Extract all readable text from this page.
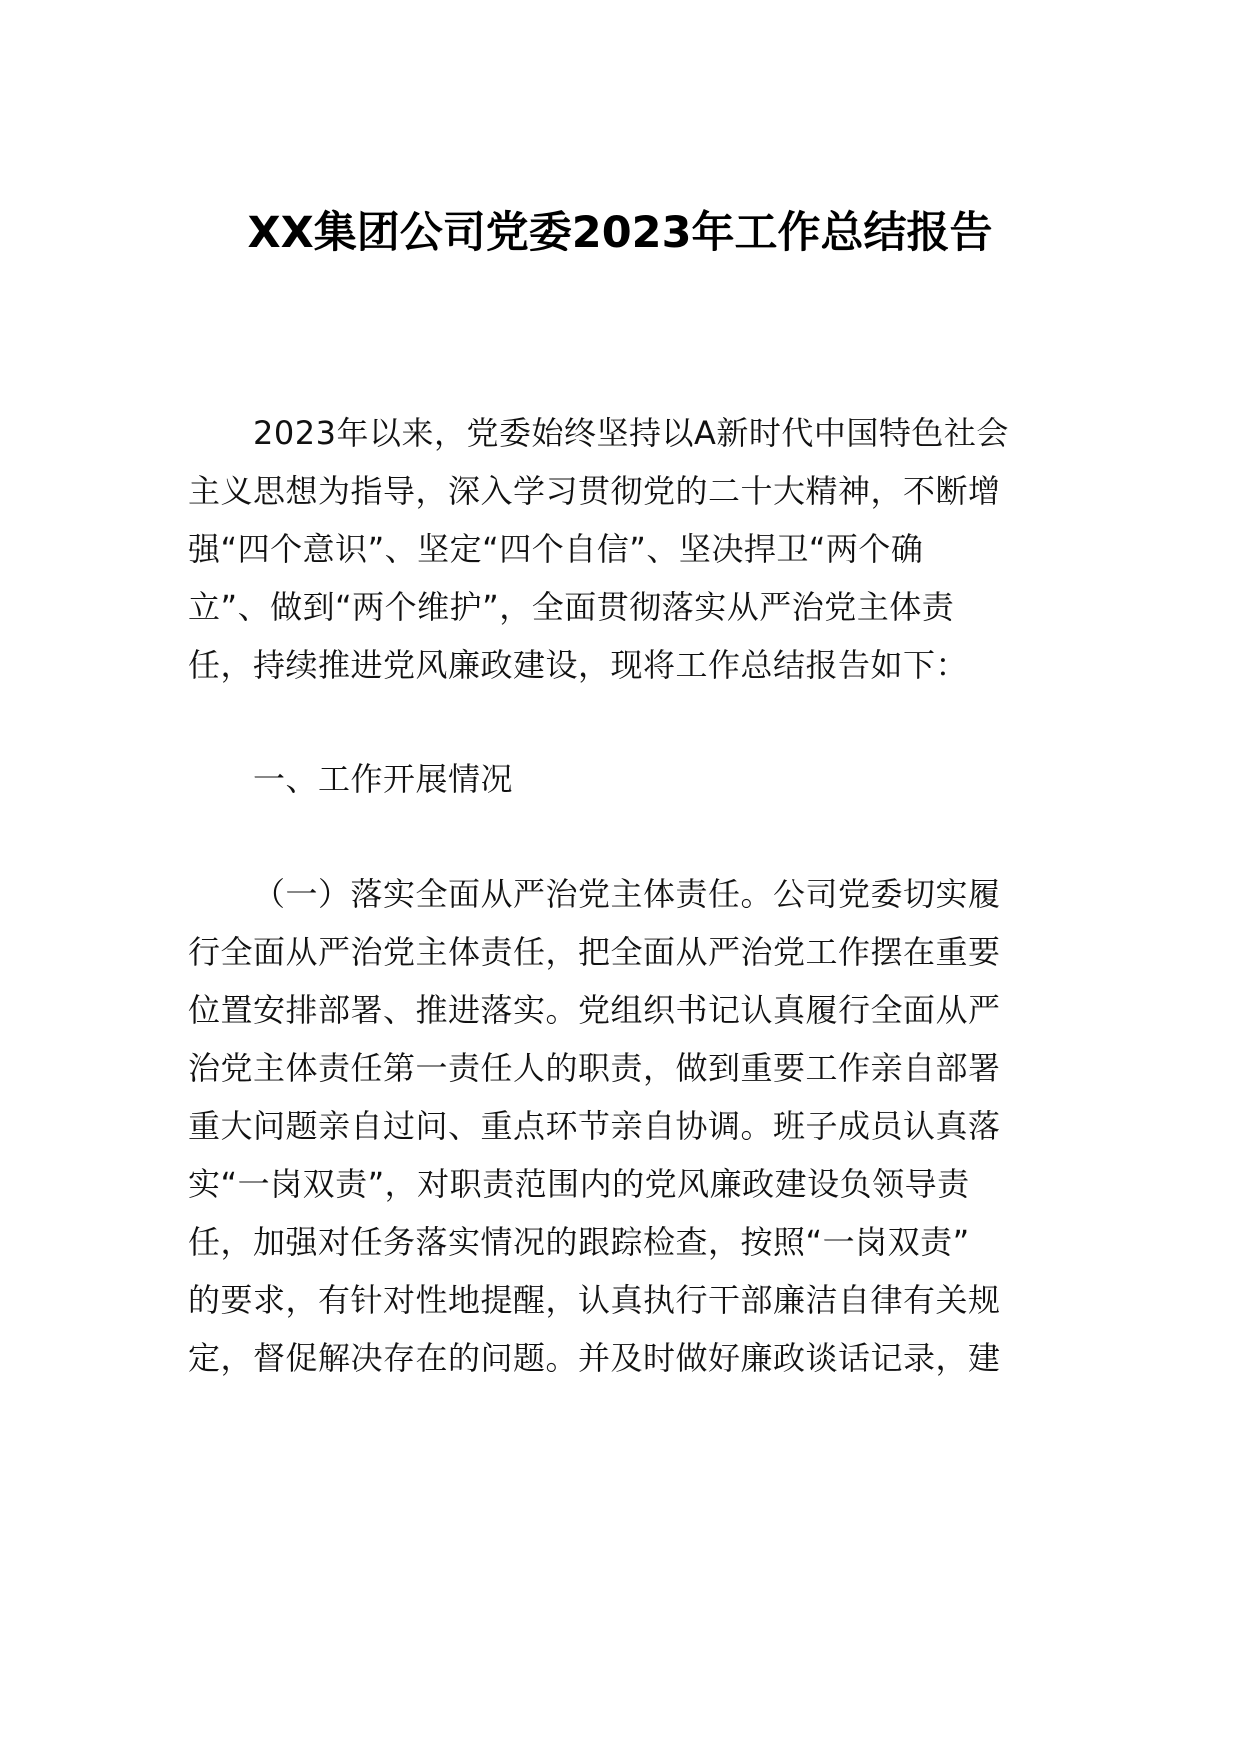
XX集团公司党委2023年工作总结报告
2023年以来，党委始终坚持以A新时代中国特色社会
主义思想为指导，深入学习贯彻党的二十大精神，不断增
强“四个意识”、坚定“四个自信”、坚决捍卫“两个确
立”、做到“两个维护”，全面贯彻落实从严治党主体责
任，持续推进党风廉政建设，现将工作总结报告如下：
一、工作开展情况
（一）落实全面从严治党主体责任。公司党委切实履
行全面从严治党主体责任，把全面从严治党工作摆在重要
位置安排部署、推进落实。党组织书记认真履行全面从严
治党主体责任第一责任人的职责，做到重要工作亲自部署
重大问题亲自过问、重点环节亲自协调。班子成员认真落
实“一岗双责”，对职责范围内的党风廉政建设负领导责
任，加强对任务落实情况的跟踪检查，按照“一岗双责”
的要求，有针对性地提醒，认真执行干部廉洁自律有关规
定，督促解决存在的问题。并及时做好廉政谈话记录，建
